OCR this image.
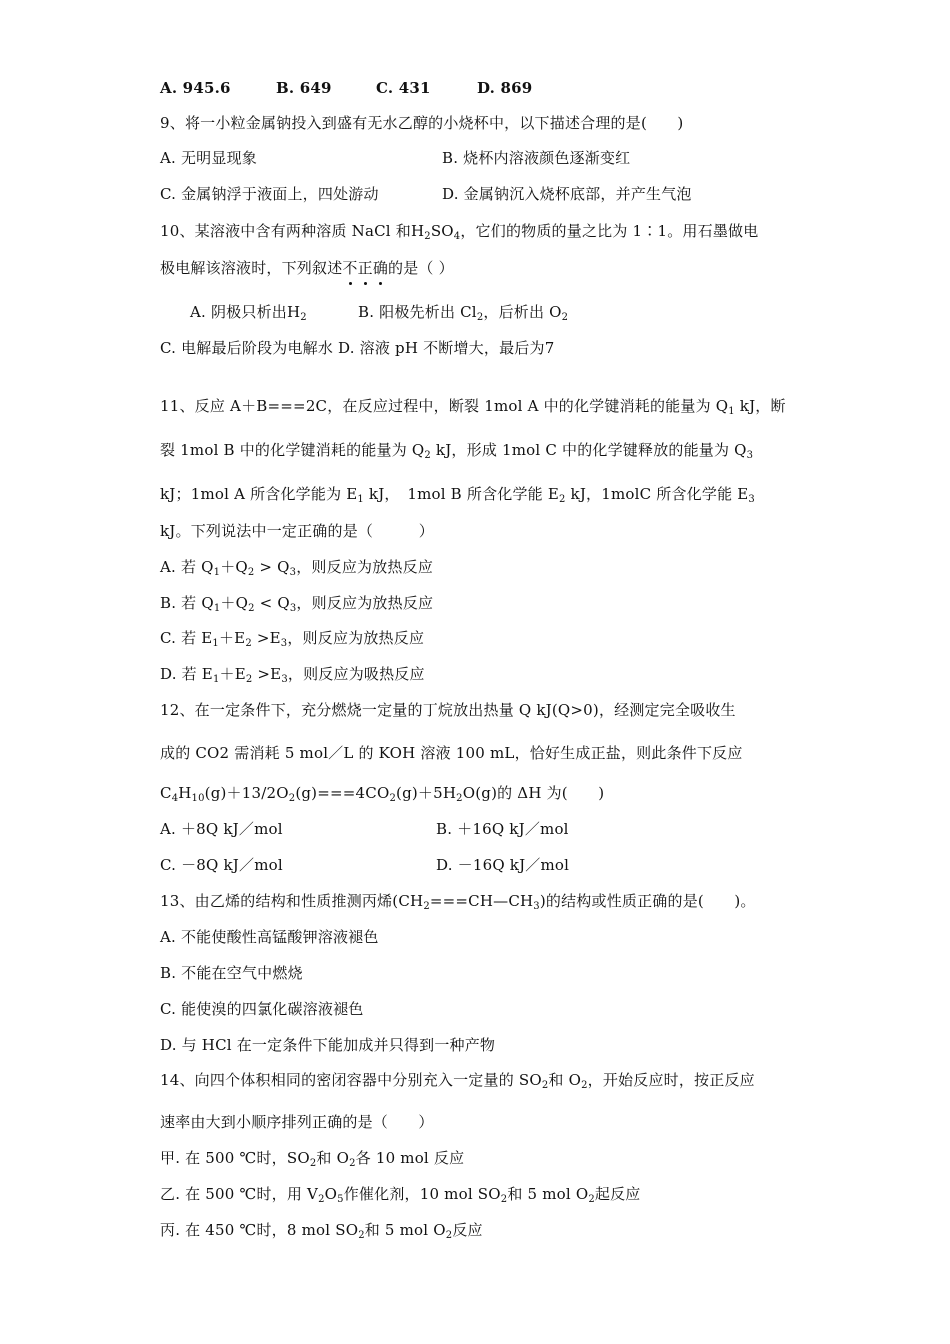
A. 945.6	B. 649	C. 431	D. 869
9、将一小粒金属钠投入到盛有无水乙醇的小烧杯中，以下描述合理的是(　　)
A. 无明显现象	B. 烧杯内溶液颜色逐渐变红
C. 金属钠浮于液面上，四处游动	D. 金属钠沉入烧杯底部，并产生气泡
10、某溶液中含有两种溶质 NaCl 和$H_2SO_4$，它们的物质的量之比为 1∶1。用石墨做电
极电解该溶液时，下列叙述不正确的是（ ）
A. 阴极只析出$H_2$	B. 阳极先析出 $Cl_2$，后析出 $O_2$
C. 电解最后阶段为电解水 D. 溶液 pH 不断增大，最后为7
11、反应 A＋B===2C，在反应过程中，断裂 1mol A 中的化学键消耗的能量为 $Q_1$ kJ，断
裂 1mol B 中的化学键消耗的能量为 $Q_2$ kJ，形成 1mol C 中的化学键释放的能量为 $Q_3$
kJ；1mol A 所含化学能为 $E_1$ kJ，　1mol B 所含化学能 $E_2$ kJ，1molC 所含化学能 $E_3$
kJ。下列说法中一定正确的是（　　　）
A. 若 $Q_1+Q_2 > Q_3$，则反应为放热反应
B. 若 $Q_1+Q_2 < Q_3$，则反应为放热反应
C. 若 $E_1+E_2 >E_3$，则反应为放热反应
D. 若 $E_1+E_2 >E_3$，则反应为吸热反应
12、在一定条件下，充分燃烧一定量的丁烷放出热量 Q kJ(Q>0)，经测定完全吸收生
成的 CO2 需消耗 5 mol／L 的 KOH 溶液 100 mL，恰好生成正盐，则此条件下反应
$C_4H_{10}(g)+13/2O_2(g)===4CO_2(g)+5H_2O(g)$的 ΔH 为(　　)
A. ＋8Q kJ／mol	B. ＋16Q kJ／mol
C. －8Q kJ／mol	D. －16Q kJ／mol
13、由乙烯的结构和性质推测丙烯$(CH_2===CH—CH_3)$的结构或性质正确的是(　　)。
A. 不能使酸性高锰酸钾溶液褪色
B. 不能在空气中燃烧
C. 能使溴的四氯化碳溶液褪色
D. 与 HCl 在一定条件下能加成并只得到一种产物
14、向四个体积相同的密闭容器中分别充入一定量的 $SO_2$和 $O_2$，开始反应时，按正反应
速率由大到小顺序排列正确的是（　　）
甲. 在 500 ℃时，$SO_2$和 $O_2$各 10 mol 反应
乙. 在 500 ℃时，用 $V_2O_5$作催化剂，10 mol $SO_2$和 5 mol $O_2$起反应
丙. 在 450 ℃时，8 mol $SO_2$和 5 mol $O_2$反应
